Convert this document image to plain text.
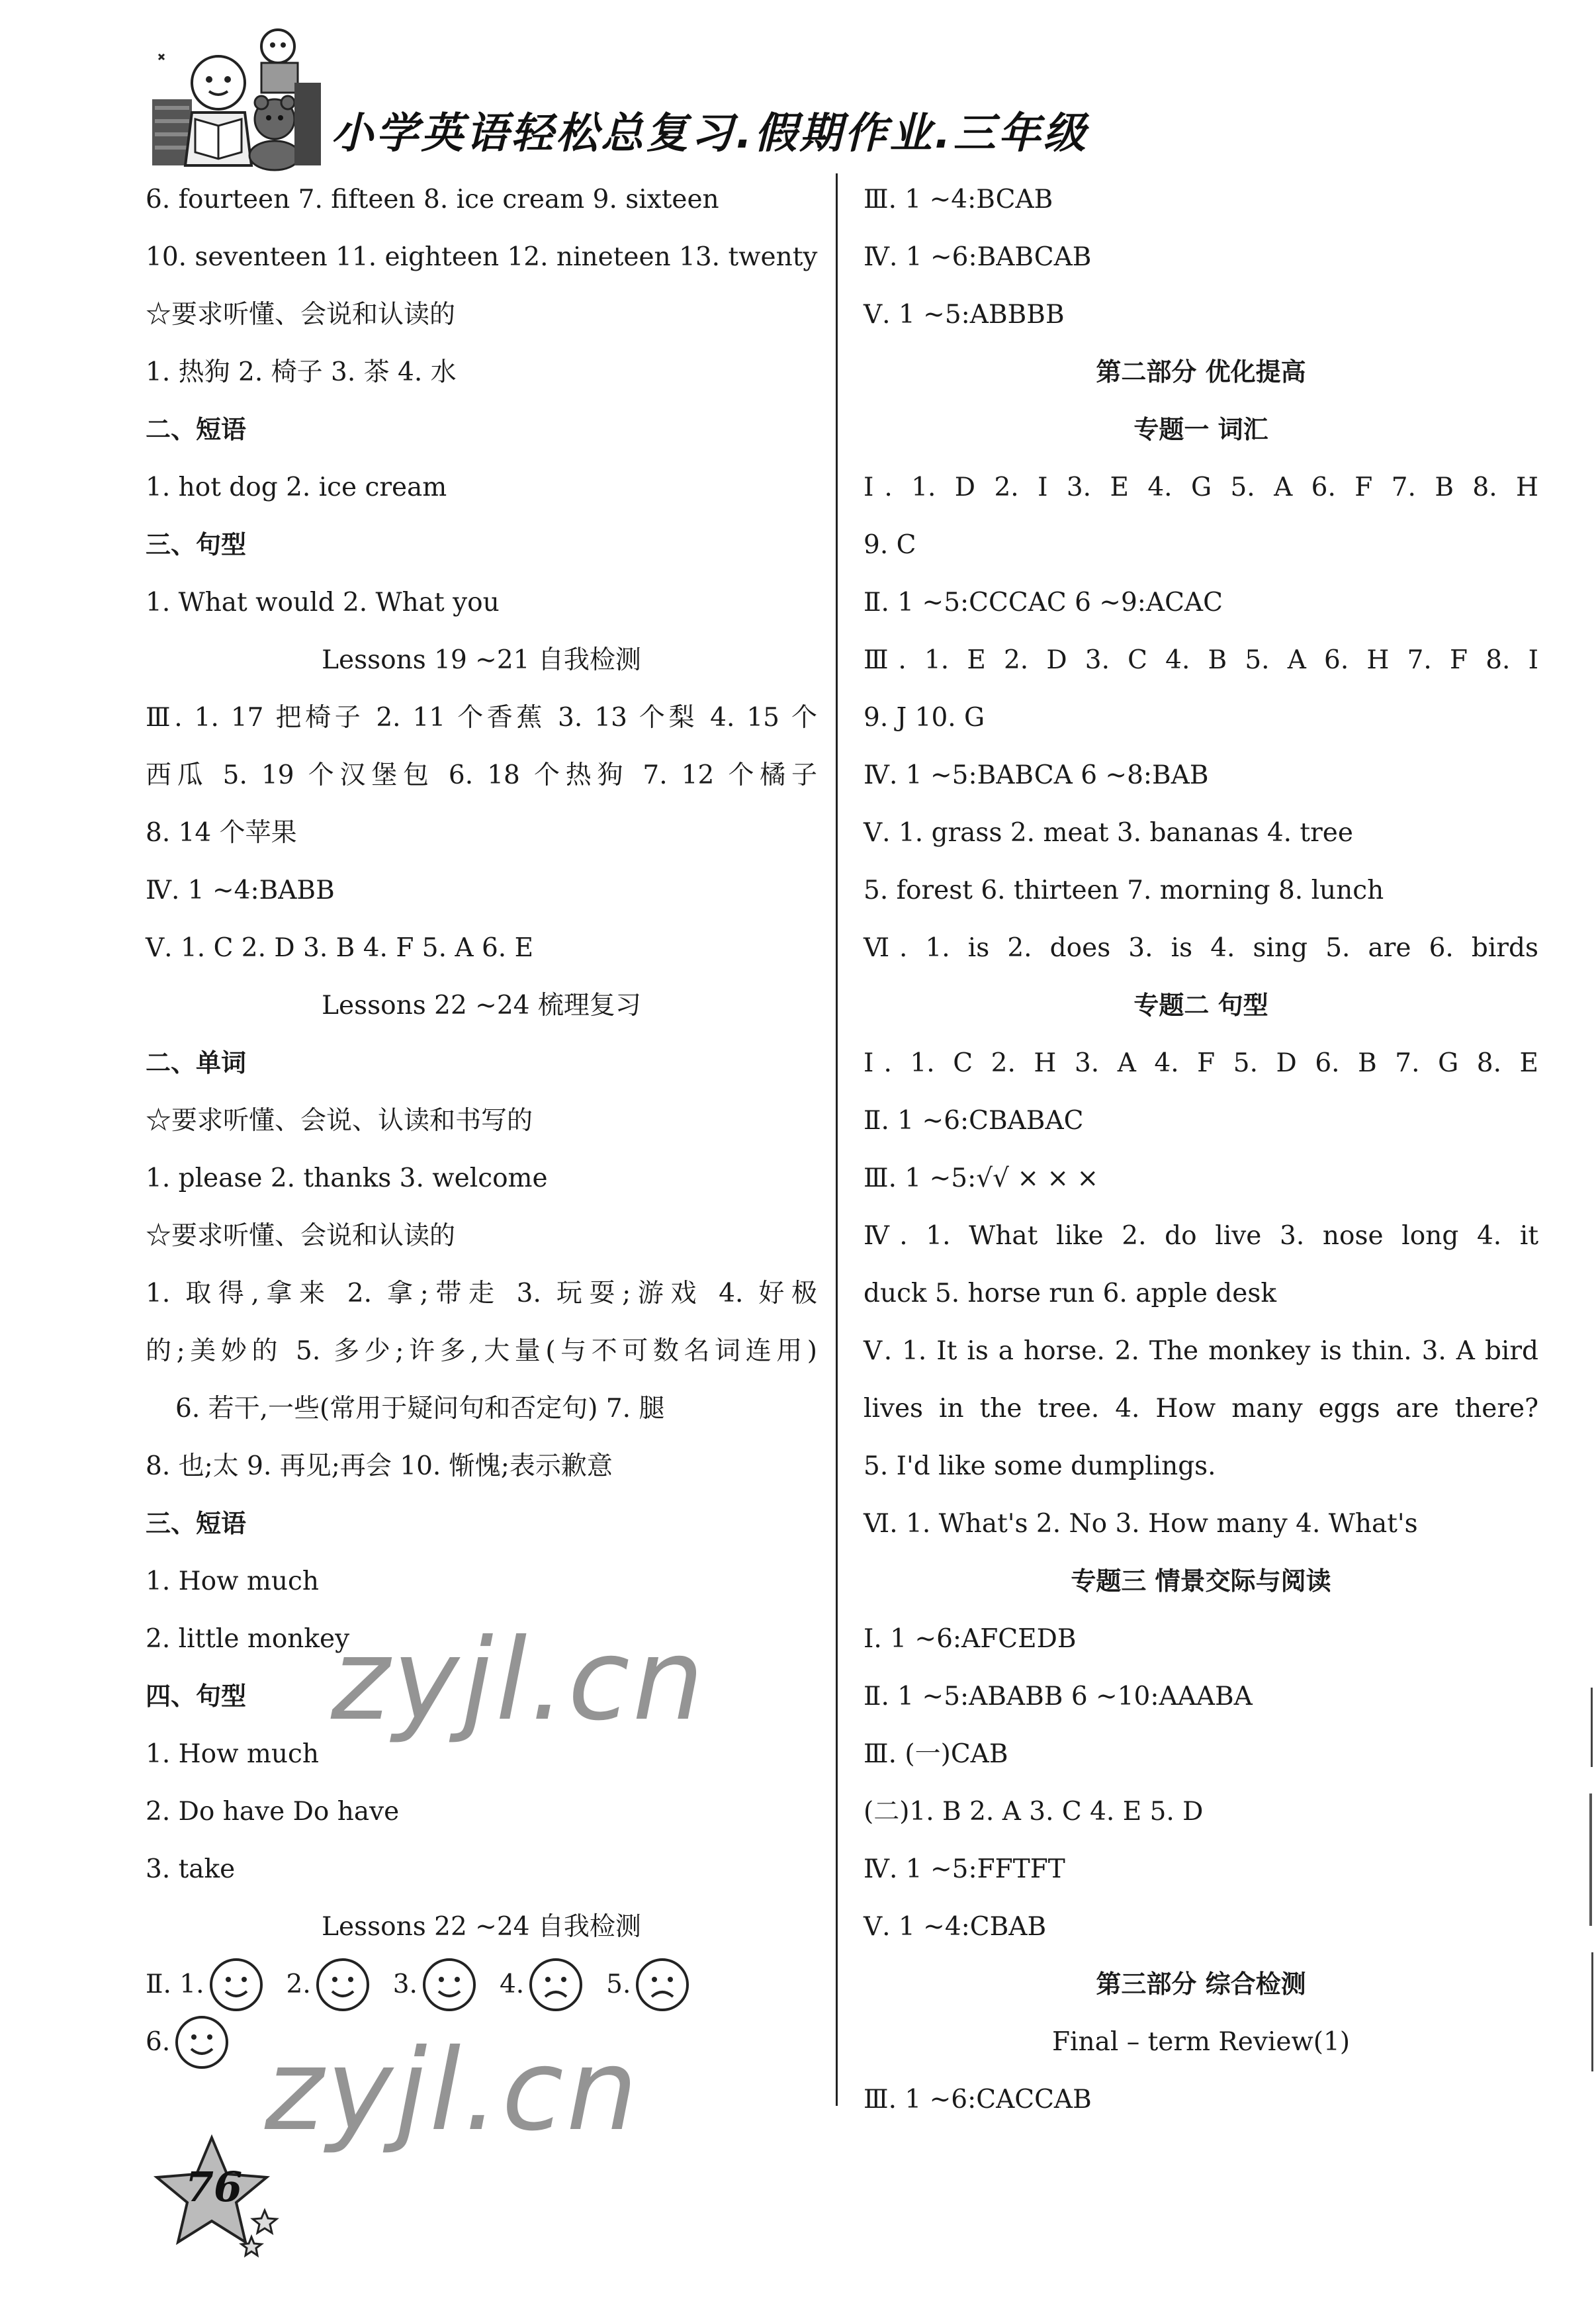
小学英语轻松总复习.假期作业.三年级
6. fourteen 7. fifteen 8. ice cream 9. sixteen
10. seventeen 11. eighteen 12. nineteen 13. twenty
☆要求听懂、会说和认读的
1. 热狗 2. 椅子 3. 茶 4. 水
二、短语
1. hot dog 2. ice cream
三、句型
1. What would 2. What you
Lessons 19 ~21 自我检测
Ⅲ. 1. 17 把椅子 2. 11 个香蕉 3. 13 个梨 4. 15 个
西瓜 5. 19 个汉堡包 6. 18 个热狗 7. 12 个橘子
8. 14 个苹果
Ⅳ. 1 ~4:BABB
Ⅴ. 1. C 2. D 3. B 4. F 5. A 6. E
Lessons 22 ~24 梳理复习
二、单词
☆要求听懂、会说、认读和书写的
1. please 2. thanks 3. welcome
☆要求听懂、会说和认读的
1. 取得,拿来 2. 拿;带走 3. 玩耍;游戏 4. 好极
的;美妙的 5. 多少;许多,大量(与不可数名词连用)
6. 若干,一些(常用于疑问句和否定句) 7. 腿
8. 也;太 9. 再见;再会 10. 惭愧;表示歉意
三、短语
1. How much
2. little monkey
四、句型
1. How much
2. Do have Do have
3. take
Lessons 22 ~24 自我检测
Ⅱ. 1.	2.	3.	4.	5.
6.
Ⅲ. 1 ~4:BCAB
Ⅳ. 1 ~6:BABCAB
Ⅴ. 1 ~5:ABBBB
第二部分 优化提高
专题一 词汇
Ⅰ. 1. D 2. I 3. E 4. G 5. A 6. F 7. B 8. H
9. C
Ⅱ. 1 ~5:CCCAC 6 ~9:ACAC
Ⅲ. 1. E 2. D 3. C 4. B 5. A 6. H 7. F 8. I
9. J 10. G
Ⅳ. 1 ~5:BABCA 6 ~8:BAB
Ⅴ. 1. grass 2. meat 3. bananas 4. tree
5. forest 6. thirteen 7. morning 8. lunch
Ⅵ. 1. is 2. does 3. is 4. sing 5. are 6. birds
专题二 句型
Ⅰ. 1. C 2. H 3. A 4. F 5. D 6. B 7. G 8. E
Ⅱ. 1 ~6:CBABAC
Ⅲ. 1 ~5:√√ × × ×
Ⅳ. 1. What like 2. do live 3. nose long 4. it
duck 5. horse run 6. apple desk
Ⅴ. 1. It is a horse. 2. The monkey is thin. 3. A bird
lives in the tree. 4. How many eggs are there?
5. I'd like some dumplings.
Ⅵ. 1. What's 2. No 3. How many 4. What's
专题三 情景交际与阅读
Ⅰ. 1 ~6:AFCEDB
Ⅱ. 1 ~5:ABABB 6 ~10:AAABA
Ⅲ. (一)CAB
(二)1. B 2. A 3. C 4. E 5. D
Ⅳ. 1 ~5:FFTFT
Ⅴ. 1 ~4:CBAB
第三部分 综合检测
Final – term Review(1)
Ⅲ. 1 ~6:CACCAB
zyjl.cn
zyjl.cn
76
